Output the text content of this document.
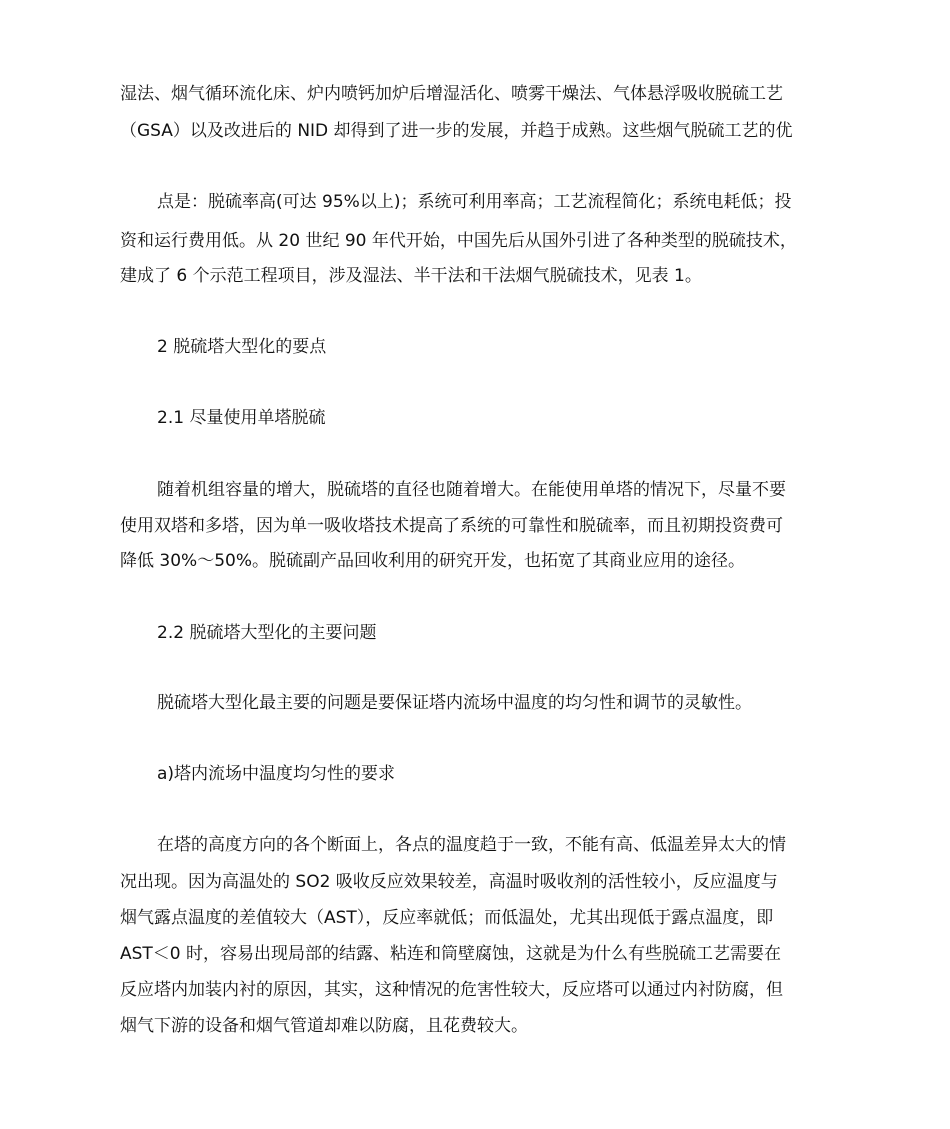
湿法、烟气循环流化床、炉内喷钙加炉后增湿活化、喷雾干燥法、气体悬浮吸收脱硫工艺
（GSA）以及改进后的 NID 却得到了进一步的发展，并趋于成熟。这些烟气脱硫工艺的优
点是：脱硫率高(可达 95%以上)；系统可利用率高；工艺流程简化；系统电耗低；投
资和运行费用低。从 20 世纪 90 年代开始，中国先后从国外引进了各种类型的脱硫技术，
建成了 6 个示范工程项目，涉及湿法、半干法和干法烟气脱硫技术，见表 1。
2 脱硫塔大型化的要点
2.1 尽量使用单塔脱硫
随着机组容量的增大，脱硫塔的直径也随着增大。在能使用单塔的情况下，尽量不要
使用双塔和多塔，因为单一吸收塔技术提高了系统的可靠性和脱硫率，而且初期投资费可
降低 30%～50%。脱硫副产品回收利用的研究开发，也拓宽了其商业应用的途径。
2.2 脱硫塔大型化的主要问题
脱硫塔大型化最主要的问题是要保证塔内流场中温度的均匀性和调节的灵敏性。
a)塔内流场中温度均匀性的要求
在塔的高度方向的各个断面上，各点的温度趋于一致，不能有高、低温差异太大的情
况出现。因为高温处的 SO2 吸收反应效果较差，高温时吸收剂的活性较小，反应温度与
烟气露点温度的差值较大（AST），反应率就低；而低温处，尤其出现低于露点温度，即
AST＜0 时，容易出现局部的结露、粘连和筒壁腐蚀，这就是为什么有些脱硫工艺需要在
反应塔内加装内衬的原因，其实，这种情况的危害性较大，反应塔可以通过内衬防腐，但
烟气下游的设备和烟气管道却难以防腐，且花费较大。
